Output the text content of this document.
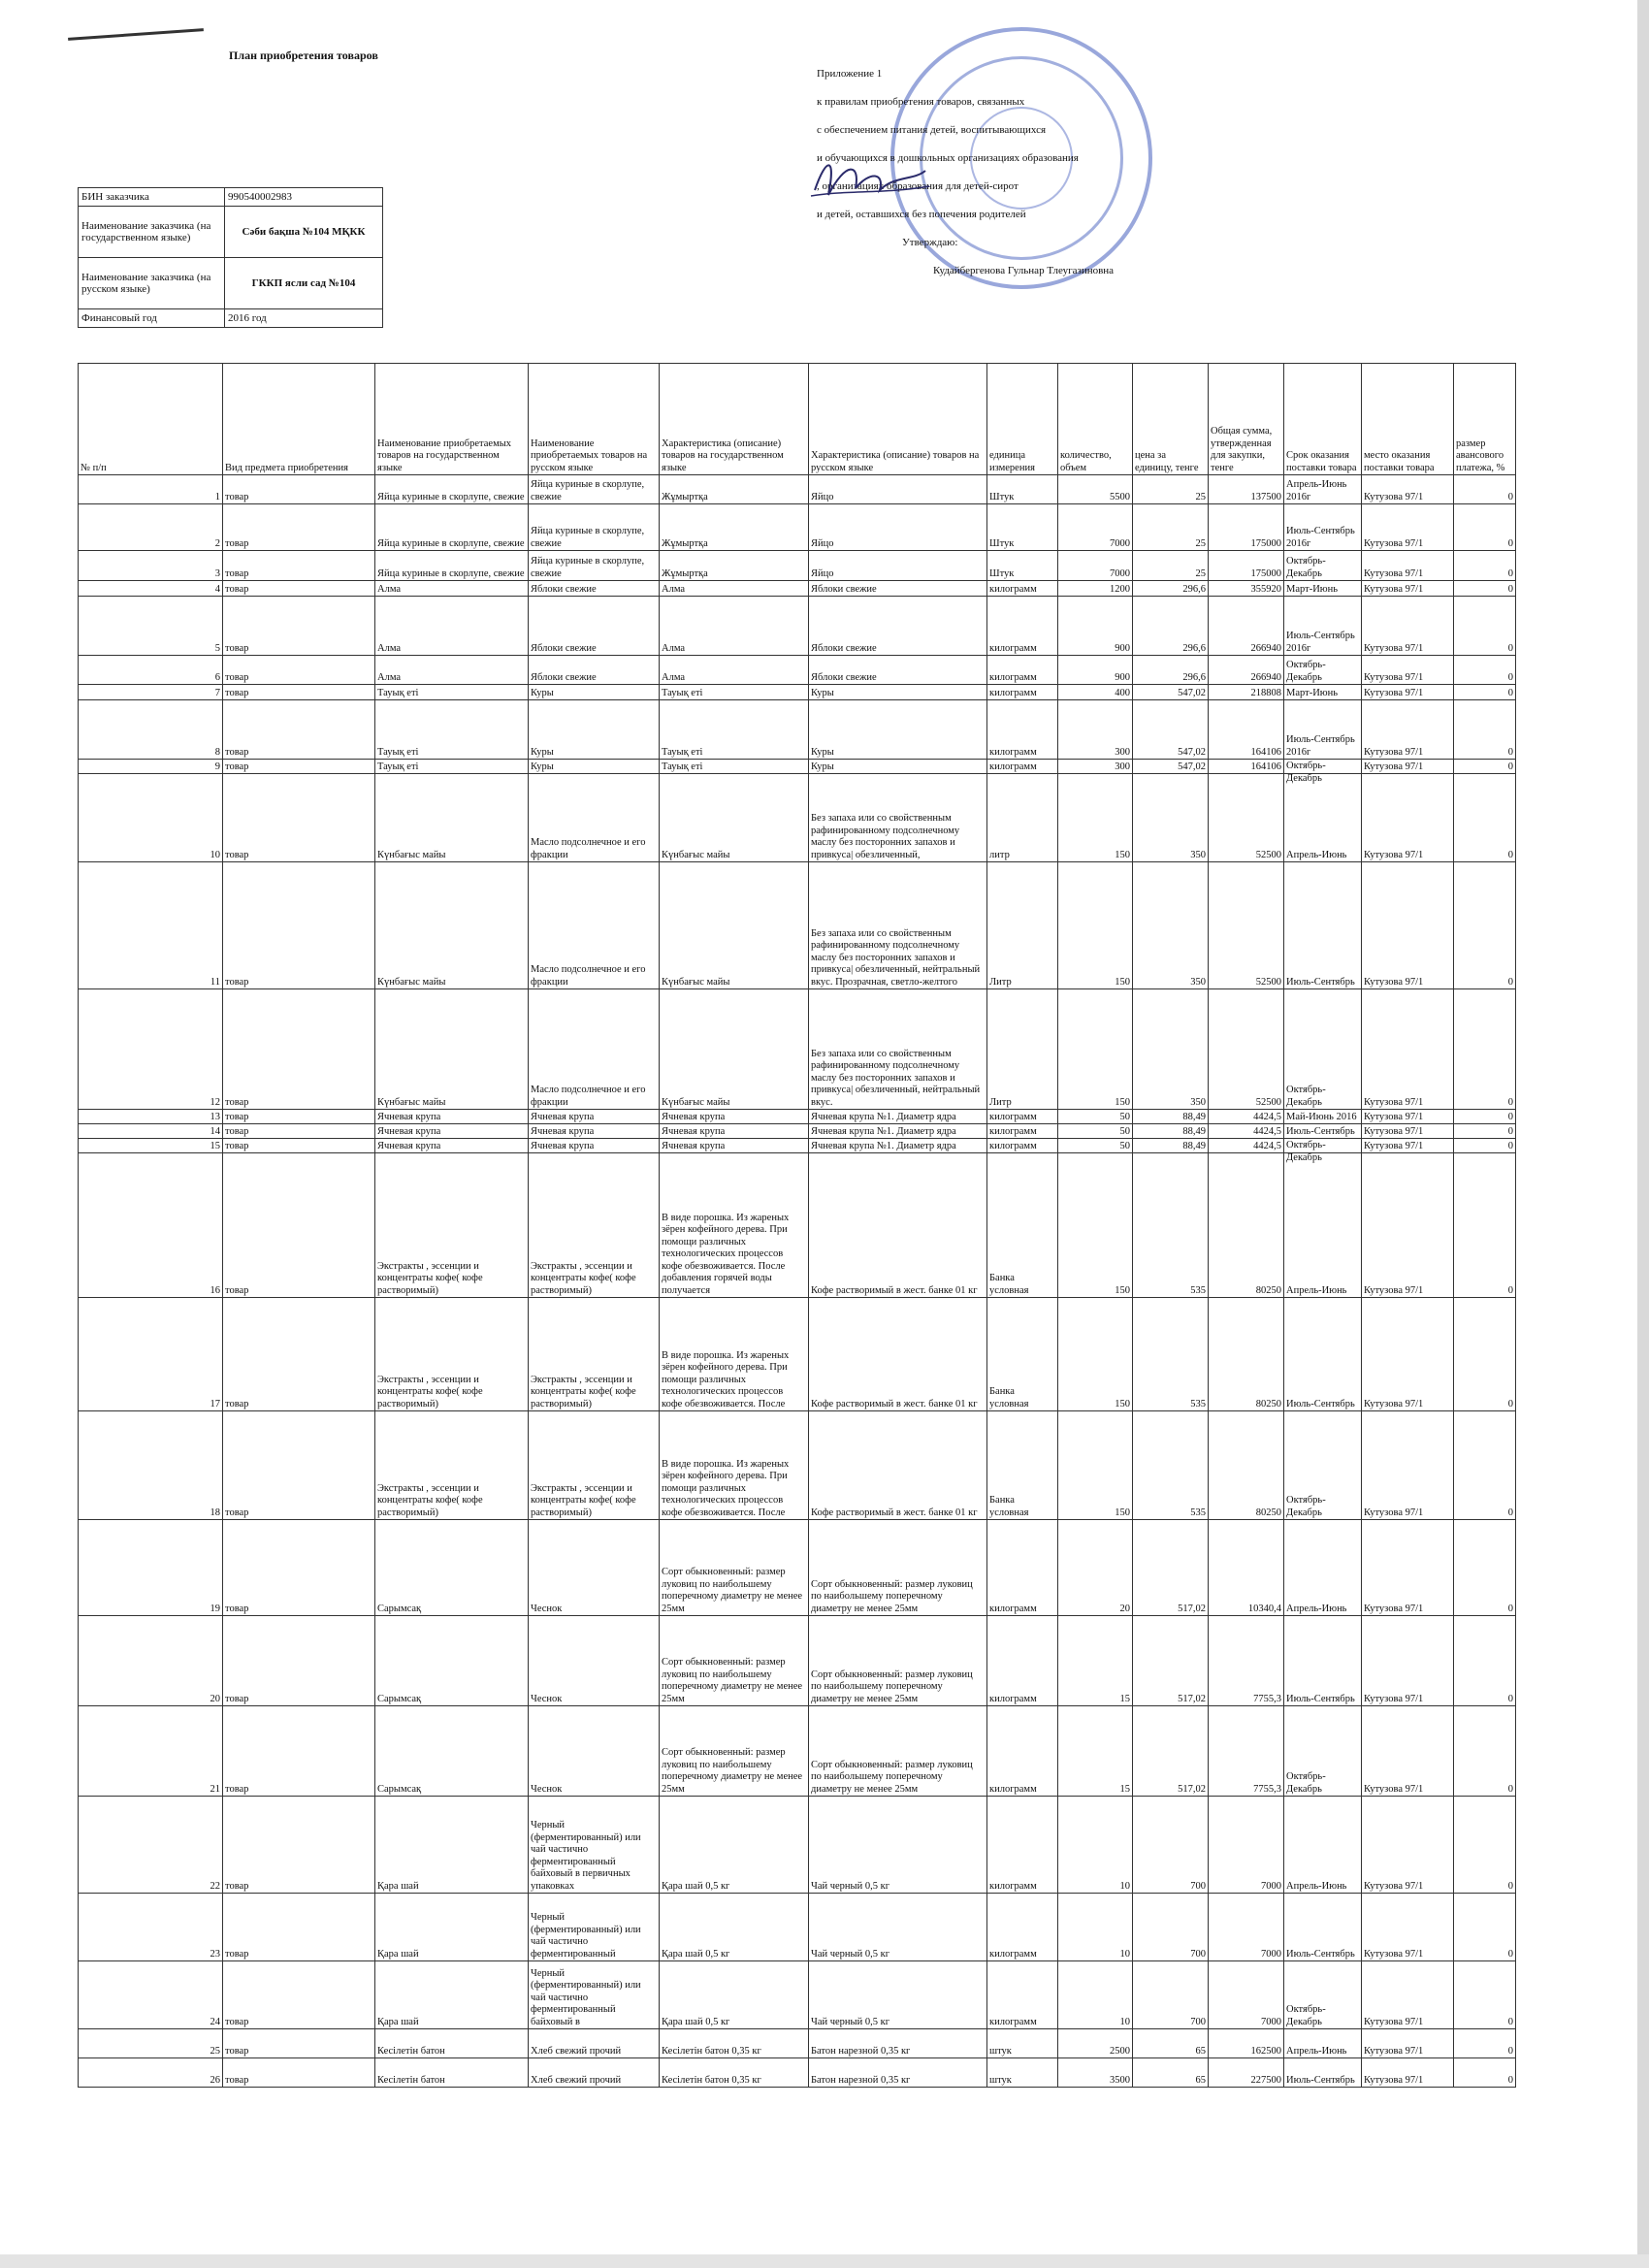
План приобретения товаров

Приложение 1

к правилам приобретения товаров, связанных

с обеспечением питания детей, воспитывающихся

и обучающихся в дошкольных организациях образования

, организациях образования для детей-сирот

и детей, оставшихся без попечения родителей

Утверждаю:

Кудайбергенова Гульнар Тлеугазиновна

БИН заказчика	990540002983
Наименование заказчика (на государственном языке)	Сәби бақша №104 МҚКК
Наименование заказчика (на русском языке)	ГККП ясли сад №104
Финансовый год	2016 год
№ п/п	Вид предмета приобретения	Наименование приобретаемых товаров на государственном языке	Наименование приобретаемых товаров на русском языке	Характеристика (описание) товаров на государственном языке	Характеристика (описание) товаров на русском языке	единица измерения	количество, объем	цена за единицу, тенге	Общая сумма, утвержденная для закупки, тенге	Срок оказания поставки товара	место оказания поставки товара	размер авансового платежа, %

1	товар	Яйца куриные в скорлупе, свежие	Яйца куриные в скорлупе, свежие	Жұмыртқа	Яйцо	Штук	5500	25	137500	Апрель-Июнь 2016г	Кутузова 97/1	0

2	товар	Яйца куриные в скорлупе, свежие	Яйца куриные в скорлупе, свежие	Жұмыртқа	Яйцо	Штук	7000	25	175000	Июль-Сентябрь 2016г	Кутузова 97/1	0

3	товар	Яйца куриные в скорлупе, свежие	Яйца куриные в скорлупе, свежие	Жұмыртқа	Яйцо	Штук	7000	25	175000	Октябрь-Декабрь	Кутузова 97/1	0

4	товар	Алма	Яблоки свежие	Алма	Яблоки свежие	килограмм	1200	296,6	355920	Март-Июнь	Кутузова 97/1	0

5	товар	Алма	Яблоки свежие	Алма	Яблоки свежие	килограмм	900	296,6	266940	Июль-Сентябрь 2016г	Кутузова 97/1	0

6	товар	Алма	Яблоки свежие	Алма	Яблоки свежие	килограмм	900	296,6	266940	Октябрь-Декабрь	Кутузова 97/1	0

7	товар	Тауық еті	Куры	Тауық еті	Куры	килограмм	400	547,02	218808	Март-Июнь	Кутузова 97/1	0

8	товар	Тауық еті	Куры	Тауық еті	Куры	килограмм	300	547,02	164106	Июль-Сентябрь 2016г	Кутузова 97/1	0

9	товар	Тауық еті	Куры	Тауық еті	Куры	килограмм	300	547,02	164106	Октябрь-Декабрь	Кутузова 97/1	0

10	товар	Күнбағыс майы	Масло подсолнечное и его фракции	Күнбағыс майы	Без запаха или со свойственным рафинированному подсолнечному маслу без посторонних запахов и привкуса| обезличенный,	литр	150	350	52500	Апрель-Июнь	Кутузова 97/1	0

11	товар	Күнбағыс майы	Масло подсолнечное и его фракции	Күнбағыс майы	Без запаха или со свойственным рафинированному подсолнечному маслу без посторонних запахов и привкуса| обезличенный, нейтральный вкус. Прозрачная, светло-желтого	Литр	150	350	52500	Июль-Сентябрь	Кутузова 97/1	0

12	товар	Күнбағыс майы	Масло подсолнечное и его фракции	Күнбағыс майы	Без запаха или со свойственным рафинированному подсолнечному маслу без посторонних запахов и привкуса| обезличенный, нейтральный вкус.	Литр	150	350	52500	Октябрь-Декабрь	Кутузова 97/1	0

13	товар	Ячневая крупа	Ячневая крупа	Ячневая крупа	Ячневая крупа №1. Диаметр ядра	килограмм	50	88,49	4424,5	Май-Июнь 2016	Кутузова 97/1	0

14	товар	Ячневая крупа	Ячневая крупа	Ячневая крупа	Ячневая крупа №1. Диаметр ядра	килограмм	50	88,49	4424,5	Июль-Сентябрь	Кутузова 97/1	0

15	товар	Ячневая крупа	Ячневая крупа	Ячневая крупа	Ячневая крупа №1. Диаметр ядра	килограмм	50	88,49	4424,5	Октябрь-Декабрь	Кутузова 97/1	0

16	товар	Экстракты , эссенции и концентраты кофе( кофе растворимый)	Экстракты , эссенции и концентраты кофе( кофе растворимый)	В виде порошка. Из жареных зёрен кофейного дерева. При помощи различных технологических процессов кофе обезвоживается. После добавления горячей воды получается	Кофе растворимый в жест. банке 01 кг	Банка условная	150	535	80250	Апрель-Июнь	Кутузова 97/1	0

17	товар	Экстракты , эссенции и концентраты кофе( кофе растворимый)	Экстракты , эссенции и концентраты кофе( кофе растворимый)	В виде порошка. Из жареных зёрен кофейного дерева. При помощи различных технологических процессов кофе обезвоживается. После	Кофе растворимый в жест. банке 01 кг	Банка условная	150	535	80250	Июль-Сентябрь	Кутузова 97/1	0

18	товар	Экстракты , эссенции и концентраты кофе( кофе растворимый)	Экстракты , эссенции и концентраты кофе( кофе растворимый)	В виде порошка. Из жареных зёрен кофейного дерева. При помощи различных технологических процессов кофе обезвоживается. После	Кофе растворимый в жест. банке 01 кг	Банка условная	150	535	80250	Октябрь-Декабрь	Кутузова 97/1	0

19	товар	Сарымсақ	Чеснок	Сорт обыкновенный: размер луковиц по наибольшему поперечному диаметру не менее 25мм	Сорт обыкновенный: размер луковиц по наибольшему поперечному диаметру не менее 25мм	килограмм	20	517,02	10340,4	Апрель-Июнь	Кутузова 97/1	0

20	товар	Сарымсақ	Чеснок	Сорт обыкновенный: размер луковиц по наибольшему поперечному диаметру не менее 25мм	Сорт обыкновенный: размер луковиц по наибольшему поперечному диаметру не менее 25мм	килограмм	15	517,02	7755,3	Июль-Сентябрь	Кутузова 97/1	0

21	товар	Сарымсақ	Чеснок	Сорт обыкновенный: размер луковиц по наибольшему поперечному диаметру не менее 25мм	Сорт обыкновенный: размер луковиц по наибольшему поперечному диаметру не менее 25мм	килограмм	15	517,02	7755,3	Октябрь-Декабрь	Кутузова 97/1	0

22	товар	Қара шай	Черный (ферментированный) или чай частично ферментированный байховый в первичных упаковках	Қара шай 0,5 кг	Чай черный 0,5 кг	килограмм	10	700	7000	Апрель-Июнь	Кутузова 97/1	0

23	товар	Қара шай	Черный (ферментированный) или чай частично ферментированный	Қара шай 0,5 кг	Чай черный 0,5 кг	килограмм	10	700	7000	Июль-Сентябрь	Кутузова 97/1	0

24	товар	Қара шай	Черный (ферментированный) или чай частично ферментированный байховый в	Қара шай 0,5 кг	Чай черный 0,5 кг	килограмм	10	700	7000	Октябрь-Декабрь	Кутузова 97/1	0

25	товар	Кесілетін батон	Хлеб свежий прочий	Кесілетін батон 0,35 кг	Батон нарезной 0,35 кг	штук	2500	65	162500	Апрель-Июнь	Кутузова 97/1	0

26	товар	Кесілетін батон	Хлеб свежий прочий	Кесілетін батон 0,35 кг	Батон нарезной 0,35 кг	штук	3500	65	227500	Июль-Сентябрь	Кутузова 97/1	0
